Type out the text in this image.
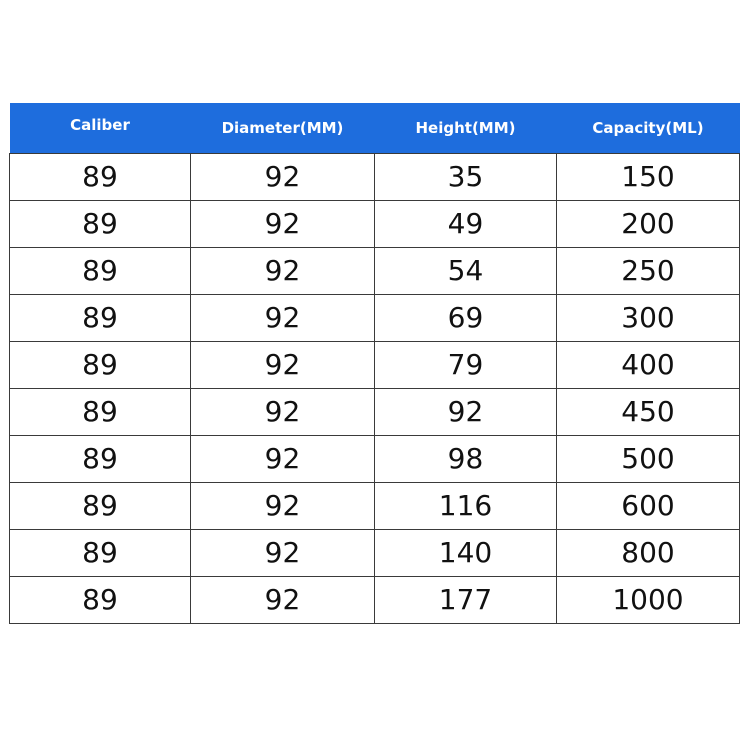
Caliber	Diameter(MM)	Height(MM)	Capacity(ML)
89	92	35	150
89	92	49	200
89	92	54	250
89	92	69	300
89	92	79	400
89	92	92	450
89	92	98	500
89	92	116	600
89	92	140	800
89	92	177	1000
